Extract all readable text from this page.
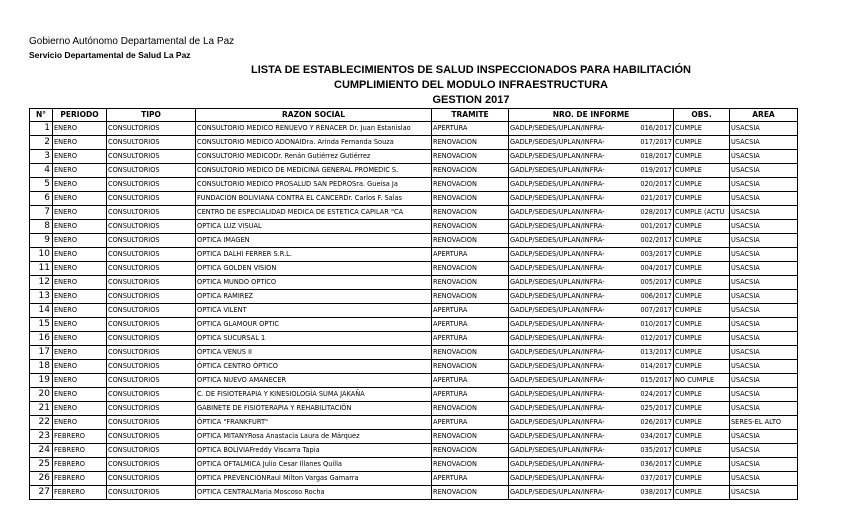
Gobierno Autónomo Departamental de La Paz
Servicio Departamental de Salud La Paz
LISTA DE ESTABLECIMIENTOS DE SALUD INSPECCIONADOS PARA HABILITACIÓN
CUMPLIMIENTO DEL MODULO INFRAESTRUCTURA
GESTION 2017
N°	PERIODO	TIPO	RAZON SOCIAL	TRAMITE	NRO. DE INFORME	OBS.	AREA
1	ENERO	CONSULTORIOS	CONSULTORIO MEDICO RENUEVO Y RENACER Dr. Juan Estanislao	APERTURA	GADLP/SEDES/UPLAN/INFRA- 016/2017	CUMPLE	USACSIA
2	ENERO	CONSULTORIOS	CONSULTORIO MEDICO ADONAIDra. Arinda Fernanda Souza	RENOVACION	GADLP/SEDES/UPLAN/INFRA- 017/2017	CUMPLE	USACSIA
3	ENERO	CONSULTORIOS	CONSULTORIO MEDICODr. Renán Gutiérrez Gutiérrez	RENOVACION	GADLP/SEDES/UPLAN/INFRA- 018/2017	CUMPLE	USACSIA
4	ENERO	CONSULTORIOS	CONSULTORIO MEDICO DE MEDICINA GENERAL PROMEDIC S.	RENOVACION	GADLP/SEDES/UPLAN/INFRA- 019/2017	CUMPLE	USACSIA
5	ENERO	CONSULTORIOS	CONSULTORIO MEDICO PROSALUD SAN PEDROSra. Gueisa Ja	RENOVACION	GADLP/SEDES/UPLAN/INFRA- 020/2017	CUMPLE	USACSIA
6	ENERO	CONSULTORIOS	FUNDACION BOLIVIANA CONTRA EL CANCERDr. Carlos F. Salas	RENOVACION	GADLP/SEDES/UPLAN/INFRA- 021/2017	CUMPLE	USACSIA
7	ENERO	CONSULTORIOS	CENTRO DE ESPECIALIDAD MEDICA DE ESTETICA CAPILAR "CA	RENOVACION	GADLP/SEDES/UPLAN/INFRA- 028/2017	CUMPLE (ACTU	USACSIA
8	ENERO	CONSULTORIOS	OPTICA LUZ VISUAL	RENOVACION	GADLP/SEDES/UPLAN/INFRA- 001/2017	CUMPLE	USACSIA
9	ENERO	CONSULTORIOS	OPTICA IMAGEN	RENOVACION	GADLP/SEDES/UPLAN/INFRA- 002/2017	CUMPLE	USACSIA
10	ENERO	CONSULTORIOS	OPTICA DALHI FERRER S.R.L.	APERTURA	GADLP/SEDES/UPLAN/INFRA- 003/2017	CUMPLE	USACSIA
11	ENERO	CONSULTORIOS	OPTICA GOLDEN VISION	RENOVACION	GADLP/SEDES/UPLAN/INFRA- 004/2017	CUMPLE	USACSIA
12	ENERO	CONSULTORIOS	OPTICA MUNDO OPTICO	RENOVACION	GADLP/SEDES/UPLAN/INFRA- 005/2017	CUMPLE	USACSIA
13	ENERO	CONSULTORIOS	OPTICA RAMIREZ	RENOVACION	GADLP/SEDES/UPLAN/INFRA- 006/2017	CUMPLE	USACSIA
14	ENERO	CONSULTORIOS	OPTICA VILENT	APERTURA	GADLP/SEDES/UPLAN/INFRA- 007/2017	CUMPLE	USACSIA
15	ENERO	CONSULTORIOS	OPTICA GLAMOUR OPTIC	APERTURA	GADLP/SEDES/UPLAN/INFRA- 010/2017	CUMPLE	USACSIA
16	ENERO	CONSULTORIOS	OPTICA SUCURSAL 1	APERTURA	GADLP/SEDES/UPLAN/INFRA- 012/2017	CUMPLE	USACSIA
17	ENERO	CONSULTORIOS	ÓPTICA VENUS II	RENOVACION	GADLP/SEDES/UPLAN/INFRA- 013/2017	CUMPLE	USACSIA
18	ENERO	CONSULTORIOS	ÓPTICA CENTRO ÓPTICO	RENOVACION	GADLP/SEDES/UPLAN/INFRA- 014/2017	CUMPLE	USACSIA
19	ENERO	CONSULTORIOS	OPTICA NUEVO AMANECER	APERTURA	GADLP/SEDES/UPLAN/INFRA- 015/2017	NO CUMPLE	USACSIA
20	ENERO	CONSULTORIOS	C. DE FISIOTERAPIA Y KINESIOLOGÍA SUMA JAKAÑA	APERTURA	GADLP/SEDES/UPLAN/INFRA- 024/2017	CUMPLE	USACSIA
21	ENERO	CONSULTORIOS	GABINETE DE FISIOTERAPIA Y REHABILITACIÓN	RENOVACION	GADLP/SEDES/UPLAN/INFRA- 025/2017	CUMPLE	USACSIA
22	ENERO	CONSULTORIOS	ÓPTICA "FRANKFURT"	APERTURA	GADLP/SEDES/UPLAN/INFRA- 026/2017	CUMPLE	SERES-EL ALTO
23	FEBRERO	CONSULTORIOS	OPTICA MITANYRosa Anastacia Laura de Márquez	RENOVACION	GADLP/SEDES/UPLAN/INFRA- 034/2017	CUMPLE	USACSIA
24	FEBRERO	CONSULTORIOS	OPTICA BOLIVIAFreddy Viscarra Tapia	RENOVACION	GADLP/SEDES/UPLAN/INFRA- 035/2017	CUMPLE	USACSIA
25	FEBRERO	CONSULTORIOS	OPTICA OFTALMICA Julio Cesar Illanes Quilla	RENOVACION	GADLP/SEDES/UPLAN/INFRA- 036/2017	CUMPLE	USACSIA
26	FEBRERO	CONSULTORIOS	OPTICA PREVENCIONRaul Milton Vargas Gamarra	APERTURA	GADLP/SEDES/UPLAN/INFRA- 037/2017	CUMPLE	USACSIA
27	FEBRERO	CONSULTORIOS	OPTICA CENTRALMaria Moscoso Rocha	RENOVACION	GADLP/SEDES/UPLAN/INFRA- 038/2017	CUMPLE	USACSIA
